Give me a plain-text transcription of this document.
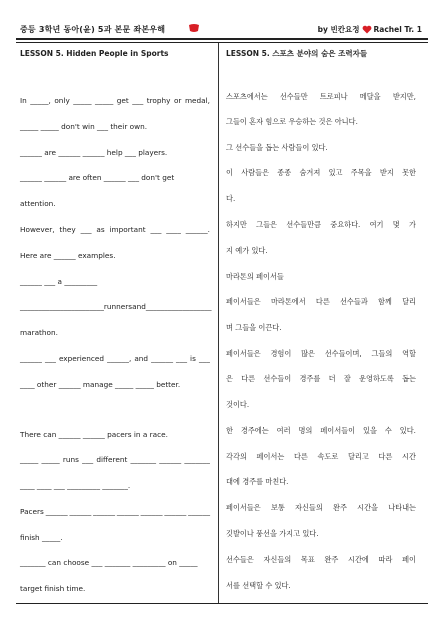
중등 3학년 동아(윤) 5과 본문 좌본우해	by 빈칸요정 Rachel Tr. 1
LESSON 5. Hidden People in Sports
In _____, only _____ _____ get ___ trophy or medal,
_____ _____ don't win ___ their own.
______ are ______ ______ help ___ players.
______ ______ are often ______ ___ don't get
attention.
However, they ___ as important ___ ____ ______.
Here are ______ examples.
______ ___ a _________
______ ______ ______ _____ runners and ______ ______ ___ ___
marathon.
______ ___ experienced ______, and ______ ___ is ___
____ other ______ manage _____ _____ better.
There can ______ ______ pacers in a race.
_____ _____ runs ___ different _______ ______ _______
____ ____ ___ _________ _______.
Pacers ______ ______ ______ ______ ______ ______ ______
finish _____.
_______ can choose ___ _______ _________ on _____
target finish time.
LESSON 5. 스포츠 분야의 숨은 조력자들
스포츠에서는 선수들만 트로피나 메달을 받지만,
그들이 혼자 힘으로 우승하는 것은 아니다.
그 선수들을 돕는 사람들이 있다.
이 사람들은 종종 숨겨져 있고 주목을 받지 못한
다.
하지만 그들은 선수들만큼 중요하다. 여기 몇 가
지 예가 있다.
마라톤의 페이서들
페이서들은 마라톤에서 다른 선수들과 함께 달리
며 그들을 이끈다.
페이서들은 경험이 많은 선수들이며, 그들의 역할
은 다른 선수들이 경주를 더 잘 운영하도록 돕는
것이다.
한 경주에는 여러 명의 페이서들이 있을 수 있다.
각각의 페이서는 다른 속도로 달리고 다른 시간
대에 경주를 마친다.
페이서들은 보통 자신들의 완주 시간을 나타내는
깃발이나 풍선을 가지고 있다.
선수들은 자신들의 목표 완주 시간에 따라 페이
서를 선택할 수 있다.
